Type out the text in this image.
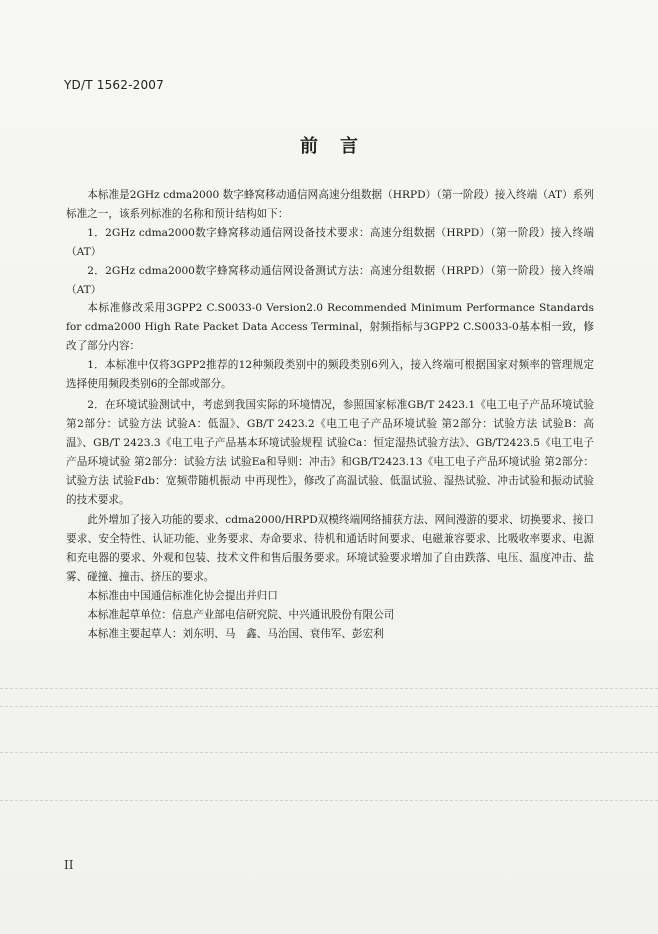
YD/T 1562-2007
前言

本标准是2GHz cdma2000 数字蜂窝移动通信网高速分组数据（HRPD）（第一阶段）接入终端（AT）系列标准之一，该系列标准的名称和预计结构如下：

1．2GHz cdma2000数字蜂窝移动通信网设备技术要求：高速分组数据（HRPD）（第一阶段）接入终端（AT）

2．2GHz cdma2000数字蜂窝移动通信网设备测试方法：高速分组数据（HRPD）（第一阶段）接入终端（AT）

本标准修改采用3GPP2 C.S0033-0 Version2.0 Recommended Minimum Performance Standards for cdma2000 High Rate Packet Data Access Terminal，射频指标与3GPP2 C.S0033-0基本相一致，修改了部分内容：

1．本标准中仅将3GPP2推荐的12种频段类别中的频段类别6列入，接入终端可根据国家对频率的管理规定选择使用频段类别6的全部或部分。

2．在环境试验测试中，考虑到我国实际的环境情况，参照国家标准GB/T 2423.1《电工电子产品环境试验 第2部分：试验方法 试验A：低温》、GB/T 2423.2《电工电子产品环境试验 第2部分：试验方法 试验B：高温》、GB/T 2423.3《电工电子产品基本环境试验规程 试验Ca：恒定湿热试验方法》、GB/T2423.5《电工电子产品环境试验 第2部分：试验方法 试验Ea和导则：冲击》和GB/T2423.13《电工电子产品环境试验 第2部分：试验方法 试验Fdb：宽频带随机振动 中再现性》，修改了高温试验、低温试验、湿热试验、冲击试验和振动试验的技术要求。

此外增加了接入功能的要求、cdma2000/HRPD双模终端网络捕获方法、网间漫游的要求、切换要求、接口要求、安全特性、认证功能、业务要求、寿命要求、待机和通话时间要求、电磁兼容要求、比吸收率要求、电源和充电器的要求、外观和包装、技术文件和售后服务要求。环境试验要求增加了自由跌落、电压、温度冲击、盐雾、碰撞、撞击、挤压的要求。

本标准由中国通信标准化协会提出并归口

本标准起草单位：信息产业部电信研究院、中兴通讯股份有限公司

本标准主要起草人：刘东明、马　鑫、马治国、衰伟军、彭宏利

II
